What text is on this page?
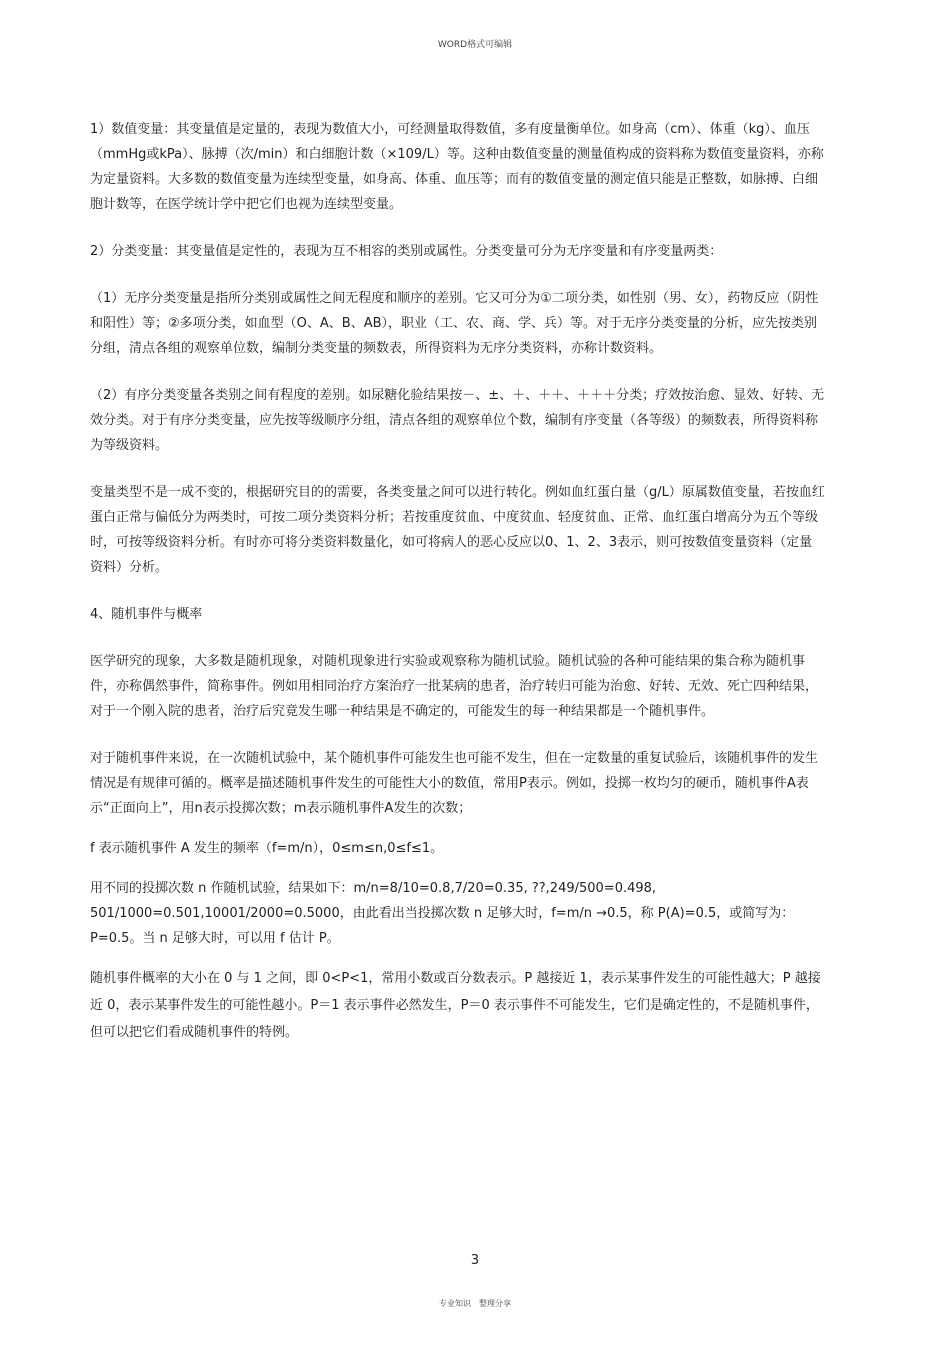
WORD格式可编辑

1）数值变量：其变量值是定量的，表现为数值大小，可经测量取得数值，多有度量衡单位。如身高（cm）、体重（kg）、血压（mmHg或kPa）、脉搏（次/min）和白细胞计数（×109/L）等。这种由数值变量的测量值构成的资料称为数值变量资料，亦称为定量资料。大多数的数值变量为连续型变量，如身高、体重、血压等；而有的数值变量的测定值只能是正整数，如脉搏、白细胞计数等，在医学统计学中把它们也视为连续型变量。

2）分类变量：其变量值是定性的，表现为互不相容的类别或属性。分类变量可分为无序变量和有序变量两类：

（1）无序分类变量是指所分类别或属性之间无程度和顺序的差别。它又可分为①二项分类，如性别（男、女），药物反应（阴性和阳性）等；②多项分类，如血型（O、A、B、AB），职业（工、农、商、学、兵）等。对于无序分类变量的分析，应先按类别分组，清点各组的观察单位数，编制分类变量的频数表，所得资料为无序分类资料，亦称计数资料。

（2）有序分类变量各类别之间有程度的差别。如尿糖化验结果按－、±、＋、＋＋、＋＋＋分类；疗效按治愈、显效、好转、无效分类。对于有序分类变量，应先按等级顺序分组，清点各组的观察单位个数，编制有序变量（各等级）的频数表，所得资料称为等级资料。

变量类型不是一成不变的，根据研究目的的需要，各类变量之间可以进行转化。例如血红蛋白量（g/L）原属数值变量，若按血红蛋白正常与偏低分为两类时，可按二项分类资料分析；若按重度贫血、中度贫血、轻度贫血、正常、血红蛋白增高分为五个等级时，可按等级资料分析。有时亦可将分类资料数量化，如可将病人的恶心反应以0、1、2、3表示，则可按数值变量资料（定量资料）分析。

4、随机事件与概率

医学研究的现象，大多数是随机现象，对随机现象进行实验或观察称为随机试验。随机试验的各种可能结果的集合称为随机事件，亦称偶然事件，简称事件。例如用相同治疗方案治疗一批某病的患者，治疗转归可能为治愈、好转、无效、死亡四种结果，对于一个刚入院的患者，治疗后究竟发生哪一种结果是不确定的，可能发生的每一种结果都是一个随机事件。

对于随机事件来说，在一次随机试验中，某个随机事件可能发生也可能不发生，但在一定数量的重复试验后，该随机事件的发生情况是有规律可循的。概率是描述随机事件发生的可能性大小的数值，常用P表示。例如，投掷一枚均匀的硬币，随机事件A表示“正面向上”，用n表示投掷次数；m表示随机事件A发生的次数；

f 表示随机事件 A 发生的频率（f=m/n），0≤m≤n,0≤f≤1。

用不同的投掷次数 n 作随机试验，结果如下：m/n=8/10=0.8,7/20=0.35, ??,249/500=0.498, 501/1000=0.501,10001/2000=0.5000，由此看出当投掷次数 n 足够大时，f=m/n →0.5，称 P(A)=0.5，或简写为：P=0.5。当 n 足够大时，可以用 f 估计 P。

随机事件概率的大小在 0 与 1 之间，即 0<P<1，常用小数或百分数表示。P 越接近 1，表示某事件发生的可能性越大；P 越接近 0，表示某事件发生的可能性越小。P＝1 表示事件必然发生，P＝0 表示事件不可能发生，它们是确定性的，不是随机事件，但可以把它们看成随机事件的特例。

3
专业知识　整理分享
